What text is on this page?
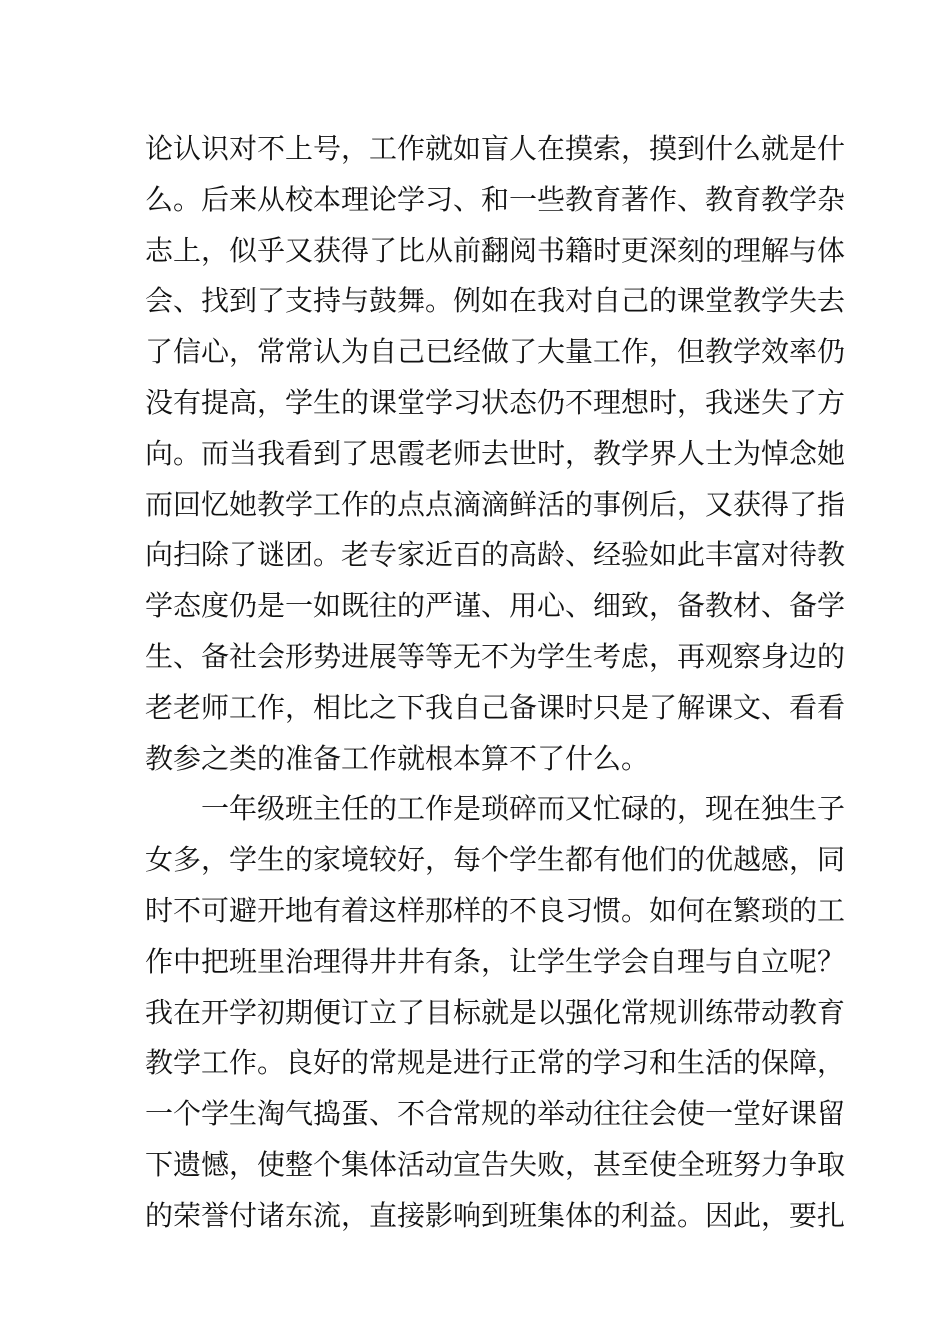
论认识对不上号，工作就如盲人在摸索，摸到什么就是什
么。后来从校本理论学习、和一些教育著作、教育教学杂
志上，似乎又获得了比从前翻阅书籍时更深刻的理解与体
会、找到了支持与鼓舞。例如在我对自己的课堂教学失去
了信心，常常认为自己已经做了大量工作，但教学效率仍
没有提高，学生的课堂学习状态仍不理想时，我迷失了方
向。而当我看到了思霞老师去世时，教学界人士为悼念她
而回忆她教学工作的点点滴滴鲜活的事例后，又获得了指
向扫除了谜团。老专家近百的高龄、经验如此丰富对待教
学态度仍是一如既往的严谨、用心、细致，备教材、备学
生、备社会形势进展等等无不为学生考虑，再观察身边的
老老师工作，相比之下我自己备课时只是了解课文、看看
教参之类的准备工作就根本算不了什么。
一年级班主任的工作是琐碎而又忙碌的，现在独生子
女多，学生的家境较好，每个学生都有他们的优越感，同
时不可避开地有着这样那样的不良习惯。如何在繁琐的工
作中把班里治理得井井有条，让学生学会自理与自立呢？
我在开学初期便订立了目标就是以强化常规训练带动教育
教学工作。良好的常规是进行正常的学习和生活的保障，
一个学生淘气捣蛋、不合常规的举动往往会使一堂好课留
下遗憾，使整个集体活动宣告失败，甚至使全班努力争取
的荣誉付诸东流，直接影响到班集体的利益。因此，要扎
